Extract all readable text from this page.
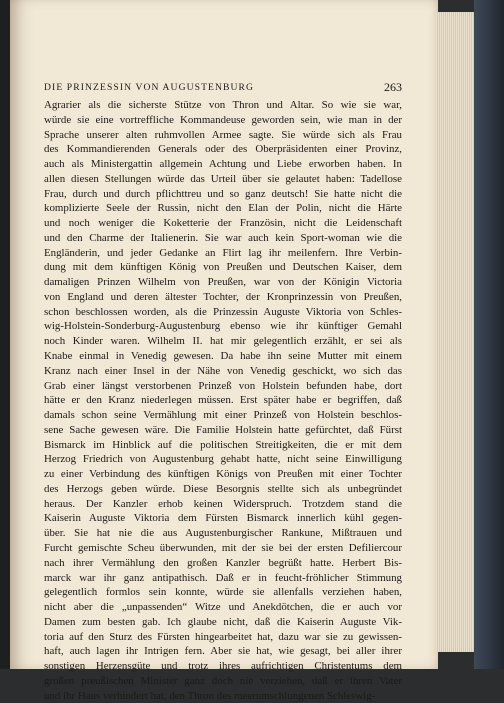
DIE PRINZESSIN VON AUGUSTENBURG	263
Agrarier als die sicherste Stütze von Thron und Altar. So wie sie war,
würde sie eine vortreffliche Kommandeuse geworden sein, wie man in der
Sprache unserer alten ruhmvollen Armee sagte. Sie würde sich als Frau
des Kommandierenden Generals oder des Oberpräsidenten einer Provinz,
auch als Ministergattin allgemein Achtung und Liebe erworben haben. In
allen diesen Stellungen würde das Urteil über sie gelautet haben: Tadellose
Frau, durch und durch pflichttreu und so ganz deutsch! Sie hatte nicht die
komplizierte Seele der Russin, nicht den Elan der Polin, nicht die Härte
und noch weniger die Koketterie der Französin, nicht die Leidenschaft
und den Charme der Italienerin. Sie war auch kein Sport-woman wie die
Engländerin, und jeder Gedanke an Flirt lag ihr meilenfern. Ihre Verbin-
dung mit dem künftigen König von Preußen und Deutschen Kaiser, dem
damaligen Prinzen Wilhelm von Preußen, war von der Königin Victoria
von England und deren ältester Tochter, der Kronprinzessin von Preußen,
schon beschlossen worden, als die Prinzessin Auguste Viktoria von Schles-
wig-Holstein-Sonderburg-Augustenburg ebenso wie ihr künftiger Gemahl
noch Kinder waren. Wilhelm II. hat mir gelegentlich erzählt, er sei als
Knabe einmal in Venedig gewesen. Da habe ihn seine Mutter mit einem
Kranz nach einer Insel in der Nähe von Venedig geschickt, wo sich das
Grab einer längst verstorbenen Prinzeß von Holstein befunden habe, dort
hätte er den Kranz niederlegen müssen. Erst später habe er begriffen, daß
damals schon seine Vermählung mit einer Prinzeß von Holstein beschlos-
sene Sache gewesen wäre. Die Familie Holstein hatte gefürchtet, daß Fürst
Bismarck im Hinblick auf die politischen Streitigkeiten, die er mit dem
Herzog Friedrich von Augustenburg gehabt hatte, nicht seine Einwilligung
zu einer Verbindung des künftigen Königs von Preußen mit einer Tochter
des Herzogs geben würde. Diese Besorgnis stellte sich als unbegründet
heraus. Der Kanzler erhob keinen Widerspruch. Trotzdem stand die
Kaiserin Auguste Viktoria dem Fürsten Bismarck innerlich kühl gegen-
über. Sie hat nie die aus Augustenburgischer Rankune, Mißtrauen und
Furcht gemischte Scheu überwunden, mit der sie bei der ersten Defiliercour
nach ihrer Vermählung den großen Kanzler begrüßt hatte. Herbert Bis-
marck war ihr ganz antipathisch. Daß er in feucht-fröhlicher Stimmung
gelegentlich formlos sein konnte, würde sie allenfalls verziehen haben,
nicht aber die „unpassenden“ Witze und Anekdötchen, die er auch vor
Damen zum besten gab. Ich glaube nicht, daß die Kaiserin Auguste Vik-
toria auf den Sturz des Fürsten hingearbeitet hat, dazu war sie zu gewissen-
haft, auch lagen ihr Intrigen fern. Aber sie hat, wie gesagt, bei aller ihrer
sonstigen Herzensgüte und trotz ihres aufrichtigen Christentums dem
großen preußischen Minister ganz doch nie verziehen, daß er ihren Vater
und ihr Haus verhindert hat, den Thron des meerumschlungenen Schleswig-
